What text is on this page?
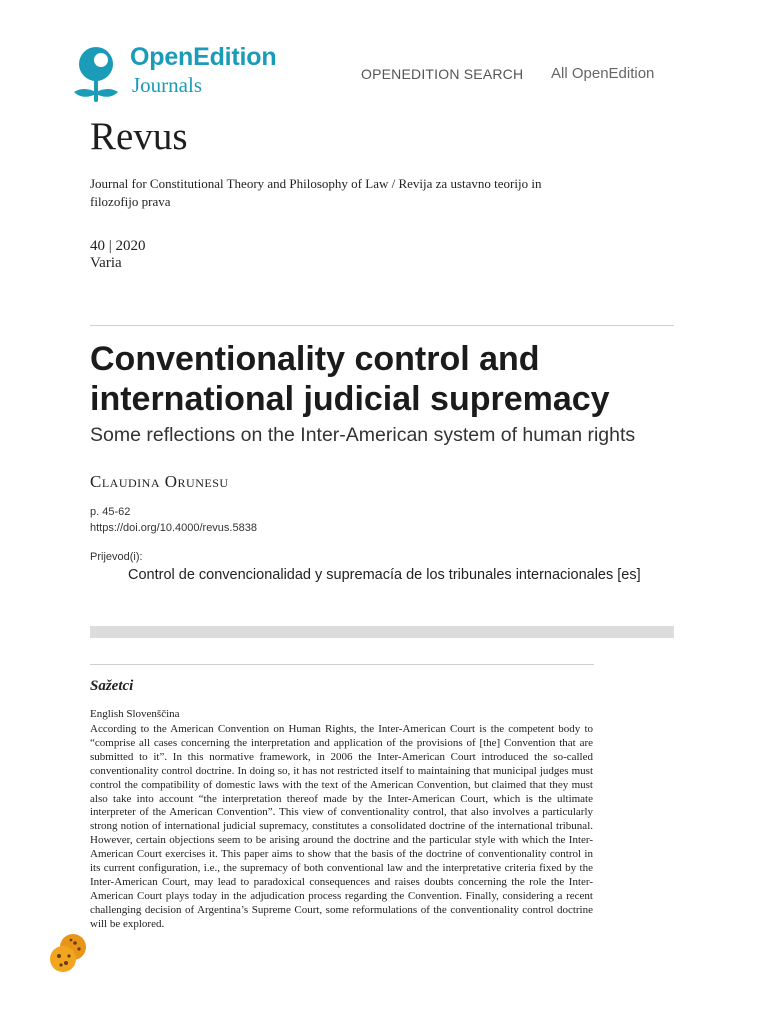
OpenEdition
Journals	OPENEDITION SEARCH All OpenEdition
Revus
Journal for Constitutional Theory and Philosophy of Law / Revija za ustavno teorijo in filozofijo prava
40 | 2020
Varia
Conventionality control and international judicial supremacy
Some reflections on the Inter-American system of human rights
Claudina Orunesu
p. 45-62
https://doi.org/10.4000/revus.5838
Prijevod(i):
Control de convencionalidad y supremacía de los tribunales internacionales [es]
Sažetci
English Slovenščina
According to the American Convention on Human Rights, the Inter-American Court is the competent body to “comprise all cases concerning the interpretation and application of the provisions of [the] Convention that are submitted to it”. In this normative framework, in 2006 the Inter-American Court introduced the so-called conventionality control doctrine. In doing so, it has not restricted itself to maintaining that municipal judges must control the compatibility of domestic laws with the text of the American Convention, but claimed that they must also take into account “the interpretation thereof made by the Inter-American Court, which is the ultimate interpreter of the American Convention”. This view of conventionality control, that also involves a particularly strong notion of international judicial supremacy, constitutes a consolidated doctrine of the international tribunal. However, certain objections seem to be arising around the doctrine and the particular style with which the Inter-American Court exercises it. This paper aims to show that the basis of the doctrine of conventionality control in its current configuration, i.e., the supremacy of both conventional law and the interpretative criteria fixed by the Inter-American Court, may lead to paradoxical consequences and raises doubts concerning the role the Inter-American Court plays today in the adjudication process regarding the Convention. Finally, considering a recent challenging decision of Argentina’s Supreme Court, some reformulations of the conventionality control doctrine will be explored.
